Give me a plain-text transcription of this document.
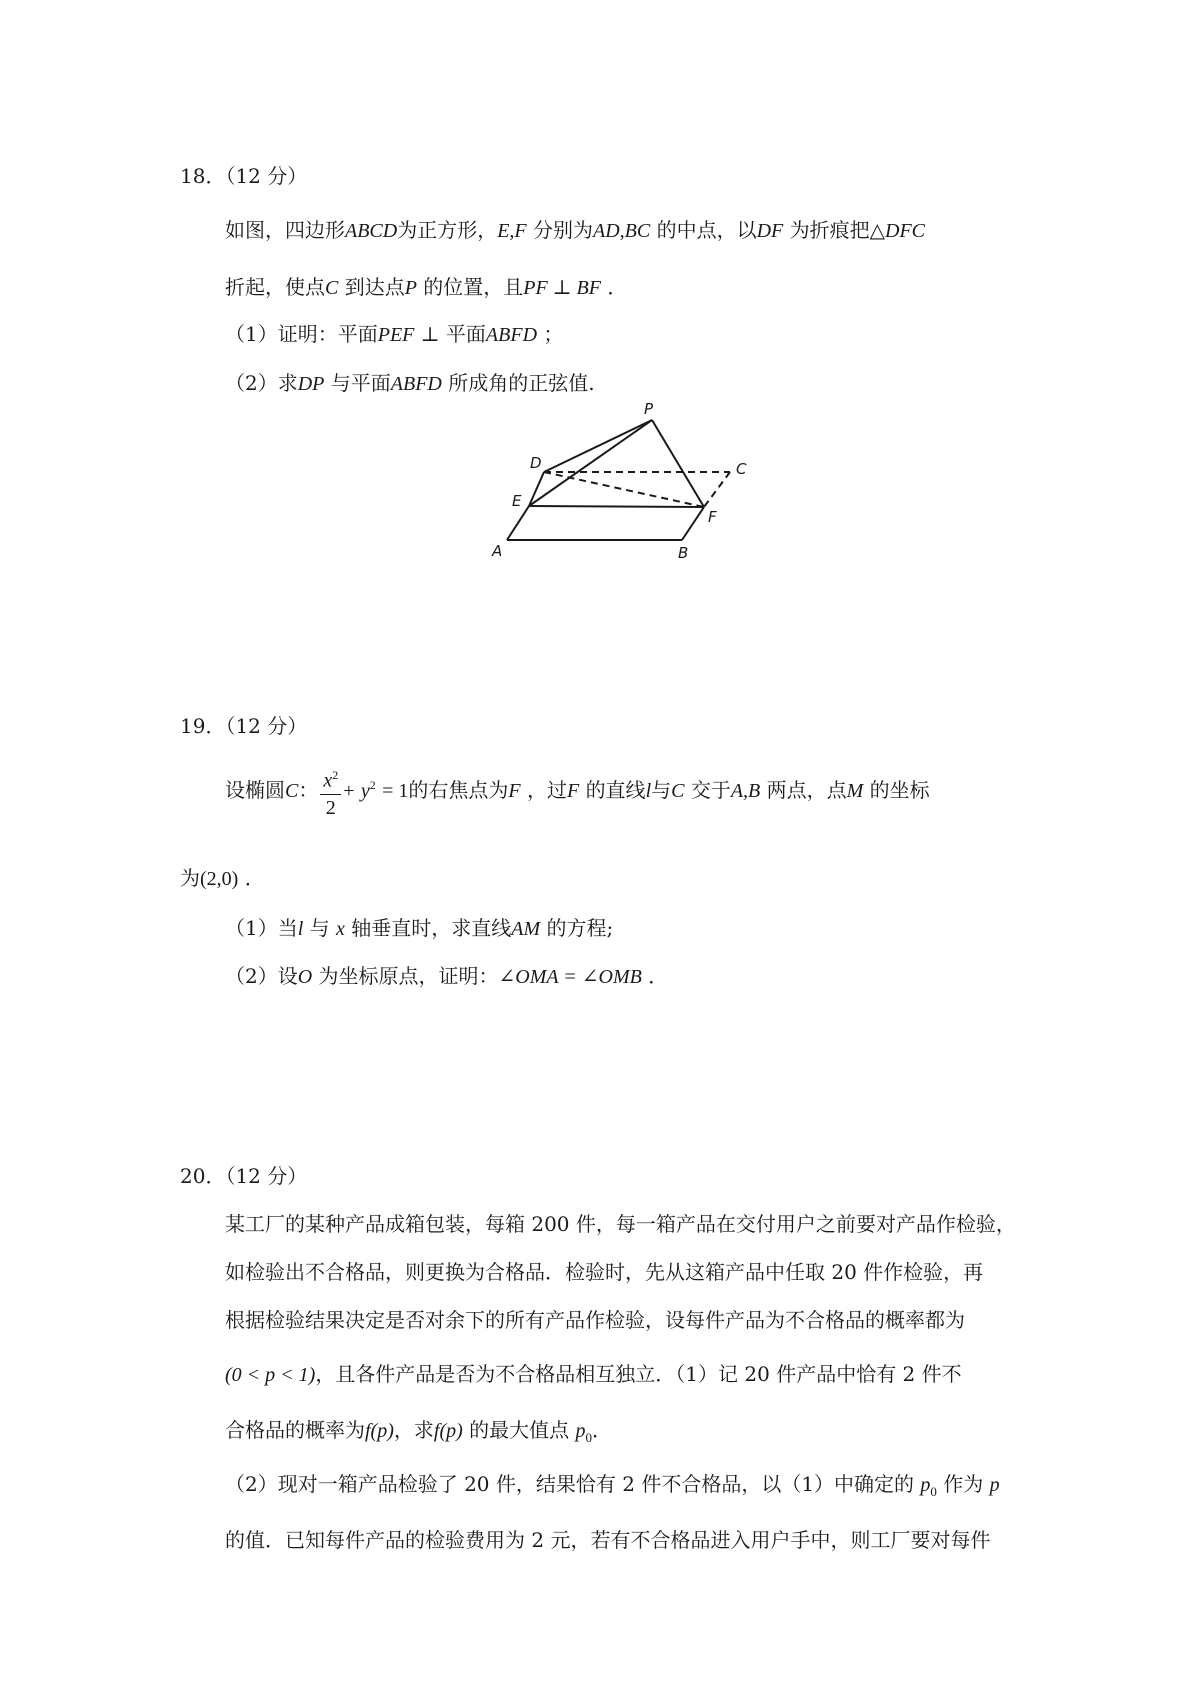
18．（12 分）
如图，四边形ABCD为正方形，E,F 分别为AD,BC 的中点，以DF 为折痕把△DFC
折起，使点C 到达点P 的位置，且PF ⊥ BF ．
（1）证明：平面PEF ⊥ 平面ABFD ；
（2）求DP 与平面ABFD 所成角的正弦值.
P
D	C
E
F
A	B
19．（12 分）
设椭圆C： $\frac{x^2}{2} + y^2 = 1$的右焦点为F ，过F 的直线l与C 交于A,B 两点，点M 的坐标
为(2,0) ．
（1）当l 与 x 轴垂直时，求直线AM 的方程;
（2）设O 为坐标原点，证明：∠OMA = ∠OMB ．
20．（12 分）
某工厂的某种产品成箱包装，每箱 200 件，每一箱产品在交付用户之前要对产品作检验，
如检验出不合格品，则更换为合格品．检验时，先从这箱产品中任取 20 件作检验，再
根据检验结果决定是否对余下的所有产品作检验，设每件产品为不合格品的概率都为
(0 < p < 1)，且各件产品是否为不合格品相互独立．（1）记 20 件产品中恰有 2 件不
合格品的概率为f(p)，求f(p) 的最大值点 $p_0$．
（2）现对一箱产品检验了 20 件，结果恰有 2 件不合格品，以（1）中确定的 $p_0$ 作为 p
的值．已知每件产品的检验费用为 2 元，若有不合格品进入用户手中，则工厂要对每件
